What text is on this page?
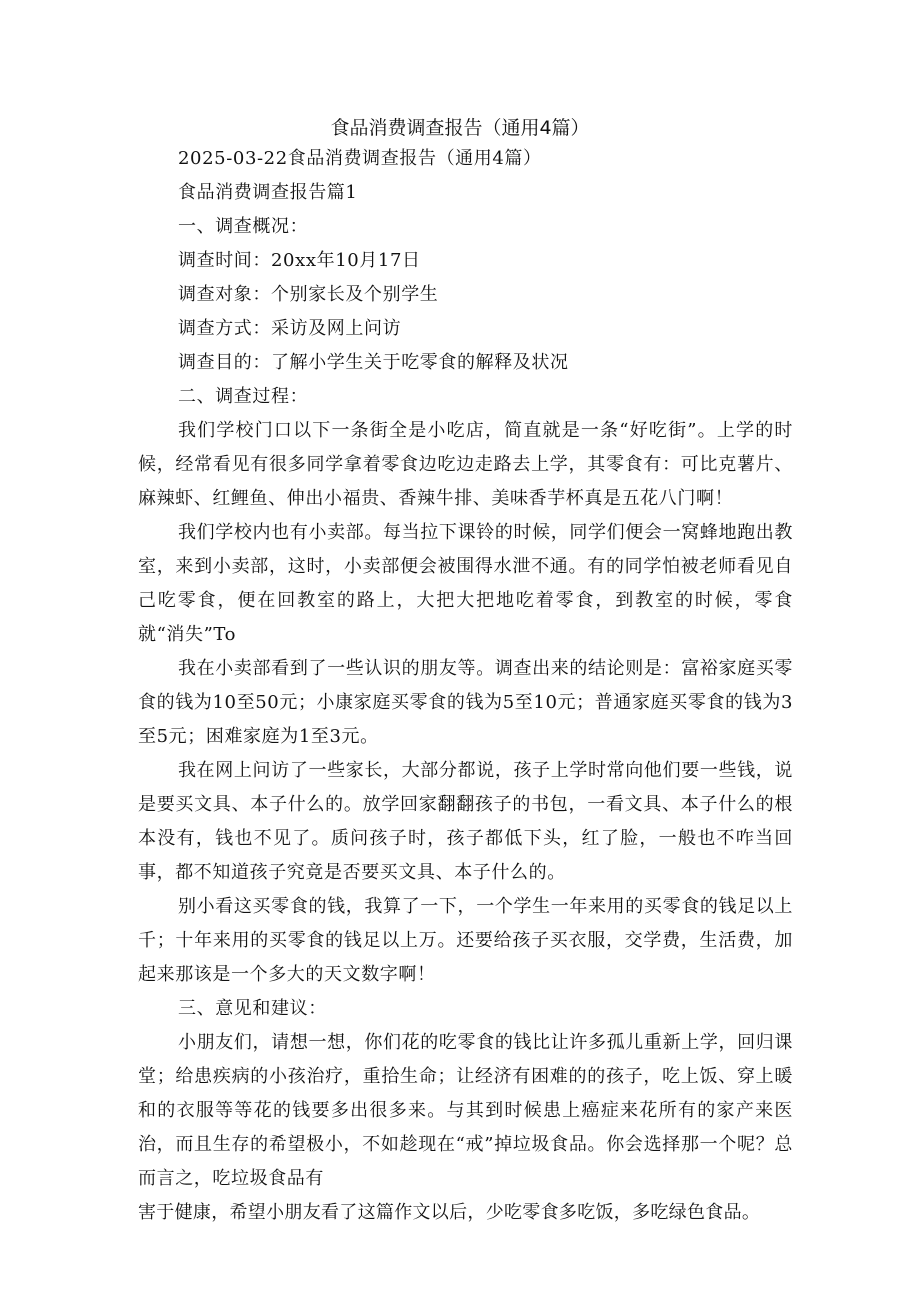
食品消费调查报告（通用4篇）
2025-03-22食品消费调查报告（通用4篇）
食品消费调查报告篇1
一、调查概况：
调查时间：20xx年10月17日
调查对象：个别家长及个别学生
调查方式：采访及网上问访
调查目的：了解小学生关于吃零食的解释及状况
二、调查过程：

我们学校门口以下一条街全是小吃店，简直就是一条“好吃街”。上学的时候，经常看见有很多同学拿着零食边吃边走路去上学，其零食有：可比克薯片、麻辣虾、红鲤鱼、伸出小福贵、香辣牛排、美味香芋杯真是五花八门啊！

我们学校内也有小卖部。每当拉下课铃的时候，同学们便会一窝蜂地跑出教室，来到小卖部，这时，小卖部便会被围得水泄不通。有的同学怕被老师看见自己吃零食，便在回教室的路上，大把大把地吃着零食，到教室的时候，零食就“消失”To

我在小卖部看到了一些认识的朋友等。调查出来的结论则是：富裕家庭买零食的钱为10至50元；小康家庭买零食的钱为5至10元；普通家庭买零食的钱为3至5元；困难家庭为1至3元。

我在网上问访了一些家长，大部分都说，孩子上学时常向他们要一些钱，说是要买文具、本子什么的。放学回家翻翻孩子的书包，一看文具、本子什么的根本没有，钱也不见了。质问孩子时，孩子都低下头，红了脸，一般也不咋当回事，都不知道孩子究竟是否要买文具、本子什么的。

别小看这买零食的钱，我算了一下，一个学生一年来用的买零食的钱足以上千；十年来用的买零食的钱足以上万。还要给孩子买衣服，交学费，生活费，加起来那该是一个多大的天文数字啊！

三、意见和建议：

小朋友们，请想一想，你们花的吃零食的钱比让许多孤儿重新上学，回归课堂；给患疾病的小孩治疗，重拾生命；让经济有困难的的孩子，吃上饭、穿上暖和的衣服等等花的钱要多出很多来。与其到时候患上癌症来花所有的家产来医治，而且生存的希望极小，不如趁现在“戒”掉垃圾食品。你会选择那一个呢？总而言之，吃垃圾食品有

害于健康，希望小朋友看了这篇作文以后，少吃零食多吃饭，多吃绿色食品。
